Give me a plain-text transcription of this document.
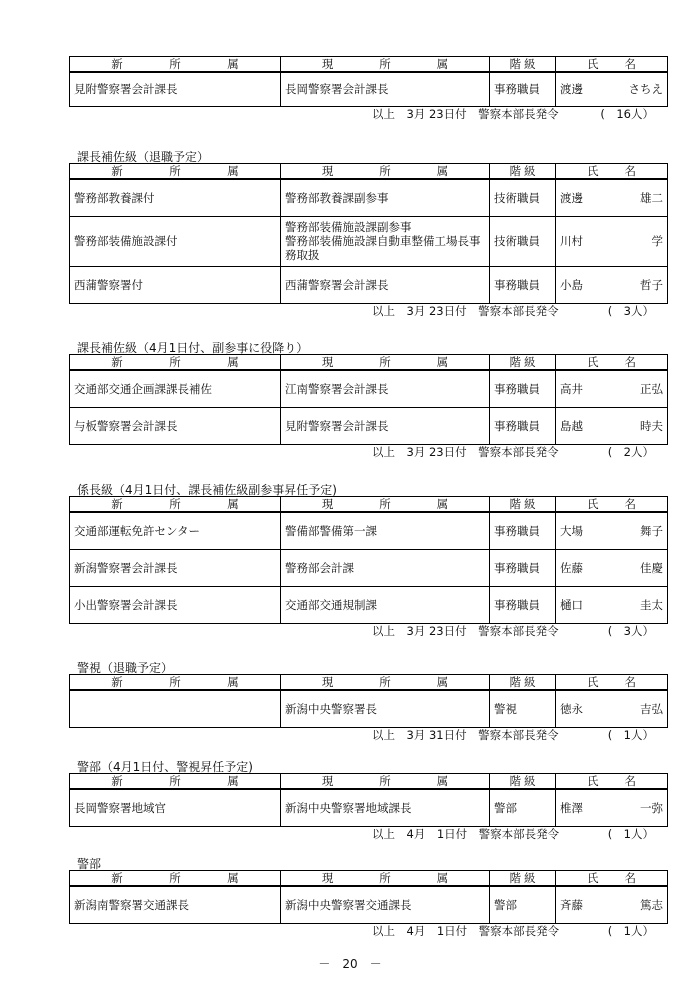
新 所 属	現 所 属	階 級	氏 名

見附警察署会計課長	長岡警察署会計課長	事務職員	渡邊 さちえ
以上　3月 23日付　警察本部長発令	(　16人）
課長補佐級（退職予定）
新 所 属	現 所 属	階 級	氏 名

警務部教養課付	警務部教養課副参事	技術職員	渡邊 雄二

警務部装備施設課付	警務部装備施設課副参事
警務部装備施設課自動車整備工場長事務取扱	技術職員	川村 学

西蒲警察署付	西蒲警察署会計課長	事務職員	小島 哲子
以上　3月 23日付　警察本部長発令	(　3人）
課長補佐級（4月1日付、副参事に役降り）
新 所 属	現 所 属	階 級	氏 名

交通部交通企画課課長補佐	江南警察署会計課長	事務職員	高井 正弘

与板警察署会計課長	見附警察署会計課長	事務職員	島越 時夫
以上　3月 23日付　警察本部長発令	(　2人）
係長級（4月1日付、課長補佐級副参事昇任予定)
新 所 属	現 所 属	階 級	氏 名

交通部運転免許センター	警備部警備第一課	事務職員	大場 舞子

新潟警察署会計課長	警務部会計課	事務職員	佐藤 佳慶

小出警察署会計課長	交通部交通規制課	事務職員	樋口 圭太
以上　3月 23日付　警察本部長発令	(　3人）
警視（退職予定）
新 所 属	現 所 属	階 級	氏 名

	新潟中央警察署長	警視	徳永 吉弘
以上　3月 31日付　警察本部長発令	(　1人）
警部（4月1日付、警視昇任予定)
新 所 属	現 所 属	階 級	氏 名

長岡警察署地域官	新潟中央警察署地域課長	警部	椎澤 一弥
以上　4月　1日付　警察本部長発令	(　1人）
警部
新 所 属	現 所 属	階 級	氏 名

新潟南警察署交通課長	新潟中央警察署交通課長	警部	斉藤 篤志
以上　4月　1日付　警察本部長発令	(　1人）
－　20　－
